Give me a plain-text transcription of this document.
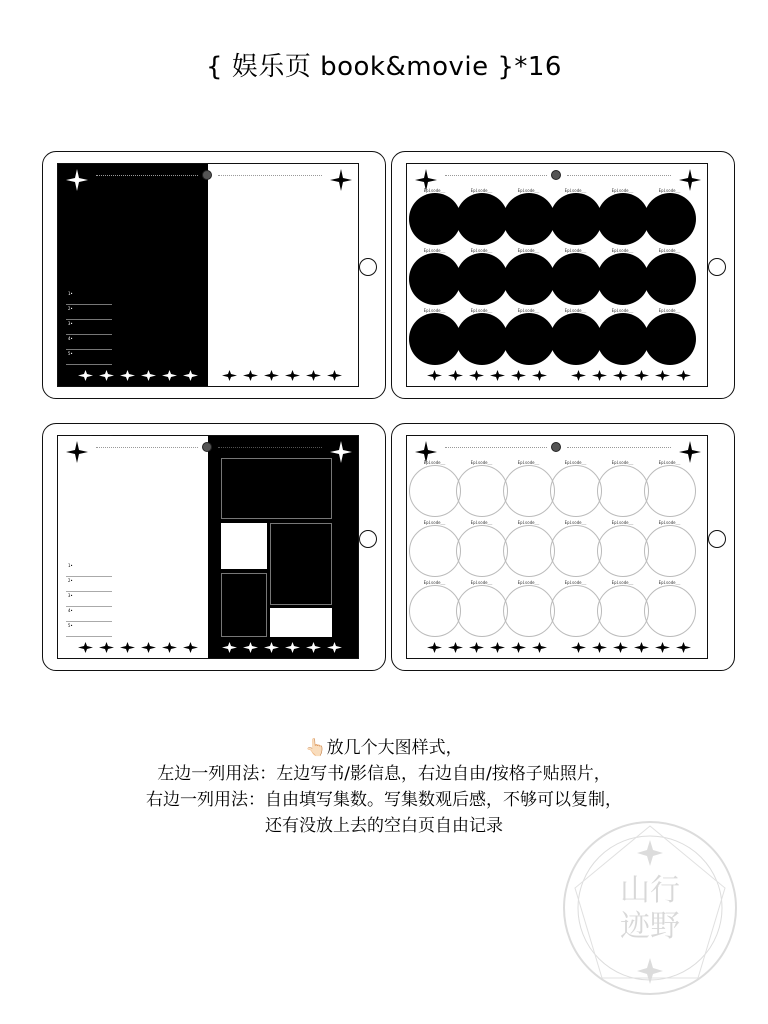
{ 娱乐页 book&movie }*16
1•
2•
3•
4•
5•
Episode__	Episode__	Episode__	Episode__	Episode__	Episode__
Episode__	Episode__	Episode__	Episode__	Episode__	Episode__
Episode__	Episode__	Episode__	Episode__	Episode__	Episode__
1•
2•
3•
4•
5•
Episode__	Episode__	Episode__	Episode__	Episode__	Episode__
Episode__	Episode__	Episode__	Episode__	Episode__	Episode__
Episode__	Episode__	Episode__	Episode__	Episode__	Episode__
👆🏻放几个大图样式，
左边一列用法：左边写书/影信息，右边自由/按格子贴照片，
右边一列用法：自由填写集数。写集数观后感，不够可以复制，
还有没放上去的空白页自由记录
山行
迹野
